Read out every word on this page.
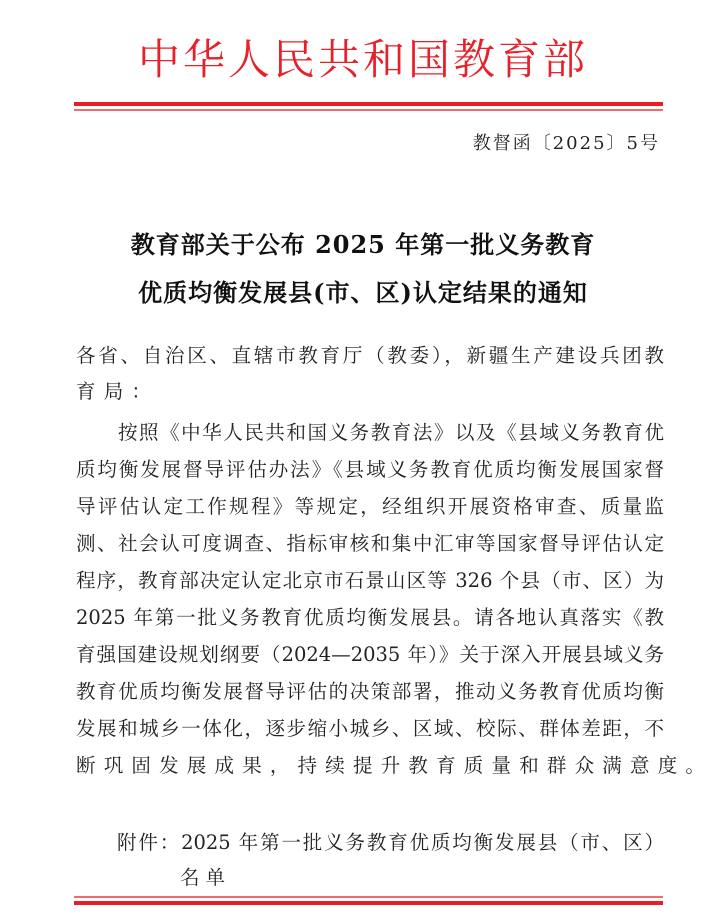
中华人民共和国教育部
教督函〔2025〕5号
教育部关于公布 2025 年第一批义务教育
优质均衡发展县(市、区)认定结果的通知
各省、自治区、直辖市教育厅（教委），新疆生产建设兵团教
育局：
按照《中华人民共和国义务教育法》以及《县域义务教育优
质均衡发展督导评估办法》《县域义务教育优质均衡发展国家督
导评估认定工作规程》等规定，经组织开展资格审查、质量监
测、社会认可度调查、指标审核和集中汇审等国家督导评估认定
程序，教育部决定认定北京市石景山区等 326 个县（市、区）为
2025 年第一批义务教育优质均衡发展县。请各地认真落实《教
育强国建设规划纲要（2024—2035 年）》关于深入开展县域义务
教育优质均衡发展督导评估的决策部署，推动义务教育优质均衡
发展和城乡一体化，逐步缩小城乡、区域、校际、群体差距，不
断巩固发展成果，持续提升教育质量和群众满意度。
附件：2025 年第一批义务教育优质均衡发展县（市、区）
名单
